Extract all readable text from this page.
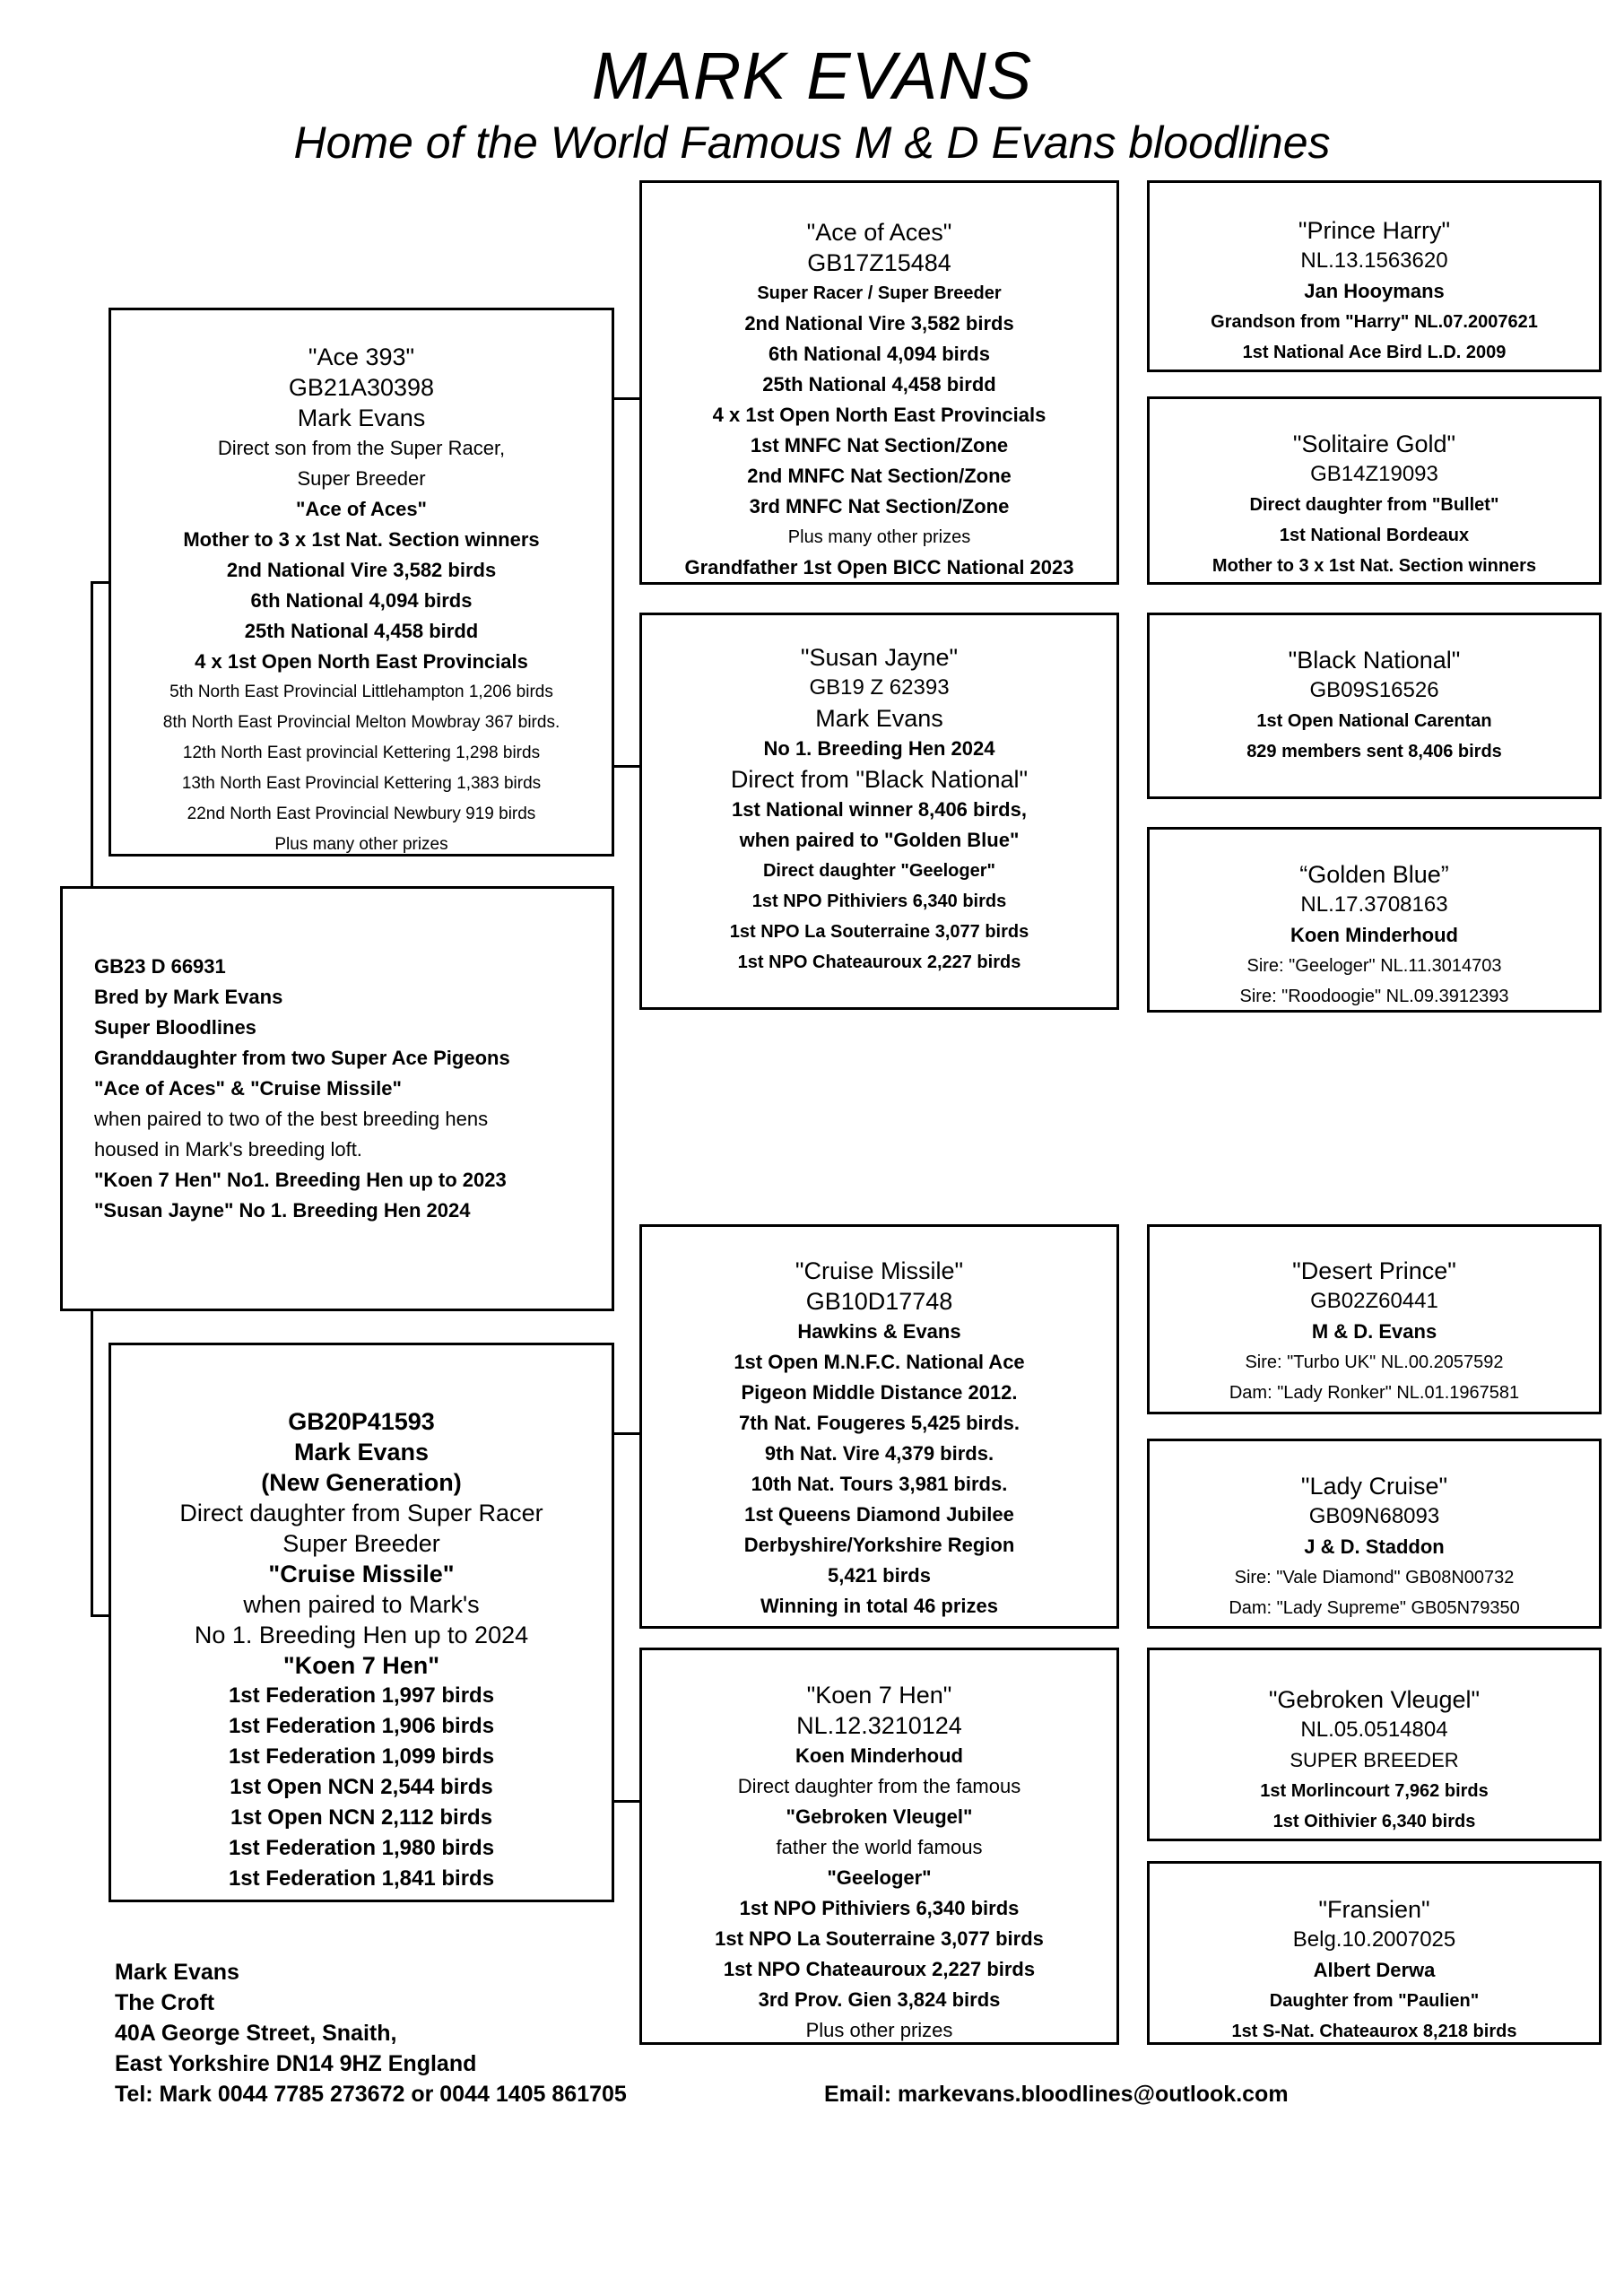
MARK EVANS
Home of the World Famous M & D Evans bloodlines
"Ace 393"
GB21A30398
Mark Evans
Direct son from the Super Racer,
Super Breeder
"Ace of Aces"
Mother to 3 x 1st Nat. Section winners
2nd National Vire 3,582 birds
6th National 4,094 birds
25th National 4,458 birdd
4 x 1st Open North East Provincials
5th North East Provincial Littlehampton 1,206 birds
8th North East Provincial Melton Mowbray 367 birds.
12th North East provincial Kettering 1,298 birds
13th North East Provincial Kettering 1,383 birds
22nd North East Provincial Newbury 919 birds
Plus many other prizes
GB23 D 66931
Bred by Mark Evans
Super Bloodlines
Granddaughter from two Super Ace Pigeons
"Ace of Aces" & "Cruise Missile"
when paired to two of the best breeding hens
housed in Mark's breeding loft.
"Koen 7 Hen" No1. Breeding Hen up to 2023
"Susan Jayne" No 1. Breeding Hen 2024
GB20P41593
Mark Evans
(New Generation)
Direct daughter from Super Racer
Super Breeder
"Cruise Missile"
when paired to Mark's
No 1. Breeding Hen up to 2024
"Koen 7 Hen"
1st Federation 1,997 birds
1st Federation 1,906 birds
1st Federation 1,099 birds
1st Open NCN 2,544 birds
1st Open NCN 2,112 birds
1st Federation 1,980 birds
1st Federation 1,841 birds
"Ace of Aces"
GB17Z15484
Super Racer / Super Breeder
2nd National Vire 3,582 birds
6th National 4,094 birds
25th National 4,458 birdd
4 x 1st Open North East Provincials
1st MNFC Nat Section/Zone
2nd MNFC Nat Section/Zone
3rd MNFC Nat Section/Zone
Plus many other prizes
Grandfather 1st Open BICC National 2023
"Susan Jayne"
GB19 Z 62393
Mark Evans
No 1. Breeding Hen 2024
Direct from "Black National"
1st National winner 8,406 birds,
when paired to "Golden Blue"
Direct daughter "Geeloger"
1st NPO Pithiviers 6,340 birds
1st NPO La Souterraine 3,077 birds
1st NPO Chateauroux 2,227 birds
"Cruise Missile"
GB10D17748
Hawkins & Evans
1st Open M.N.F.C. National Ace
Pigeon Middle Distance 2012.
7th Nat. Fougeres 5,425 birds.
9th Nat. Vire 4,379 birds.
10th Nat. Tours 3,981 birds.
1st Queens Diamond Jubilee
Derbyshire/Yorkshire Region
5,421 birds
Winning in total 46 prizes
"Koen 7 Hen"
NL.12.3210124
Koen Minderhoud
Direct daughter from the famous
"Gebroken Vleugel"
father the world famous
"Geeloger"
1st NPO Pithiviers 6,340 birds
1st NPO La Souterraine 3,077 birds
1st NPO Chateauroux 2,227 birds
3rd Prov. Gien 3,824 birds
Plus other prizes
"Prince Harry"
NL.13.1563620
Jan Hooymans
Grandson from "Harry" NL.07.2007621
1st National Ace Bird L.D. 2009
"Solitaire Gold"
GB14Z19093
Direct daughter from "Bullet"
1st National Bordeaux
Mother to 3 x 1st Nat. Section winners
"Black National"
GB09S16526
1st Open National Carentan
829 members sent 8,406 birds
“Golden Blue”
NL.17.3708163
Koen Minderhoud
Sire: "Geeloger" NL.11.3014703
Sire: "Roodoogie" NL.09.3912393
"Desert Prince"
GB02Z60441
M & D. Evans
Sire: "Turbo UK" NL.00.2057592
Dam: "Lady Ronker" NL.01.1967581
"Lady Cruise"
GB09N68093
J & D. Staddon
Sire: "Vale Diamond" GB08N00732
Dam: "Lady Supreme" GB05N79350
"Gebroken Vleugel"
NL.05.0514804
SUPER BREEDER
1st Morlincourt 7,962 birds
1st Oithivier 6,340 birds
"Fransien"
Belg.10.2007025
Albert Derwa
Daughter from "Paulien"
1st S-Nat. Chateaurox 8,218 birds
Mark Evans
The Croft
40A George Street, Snaith,
East Yorkshire DN14 9HZ England
Tel: Mark 0044 7785 273672 or 0044 1405 861705	Email: markevans.bloodlines@outlook.com
